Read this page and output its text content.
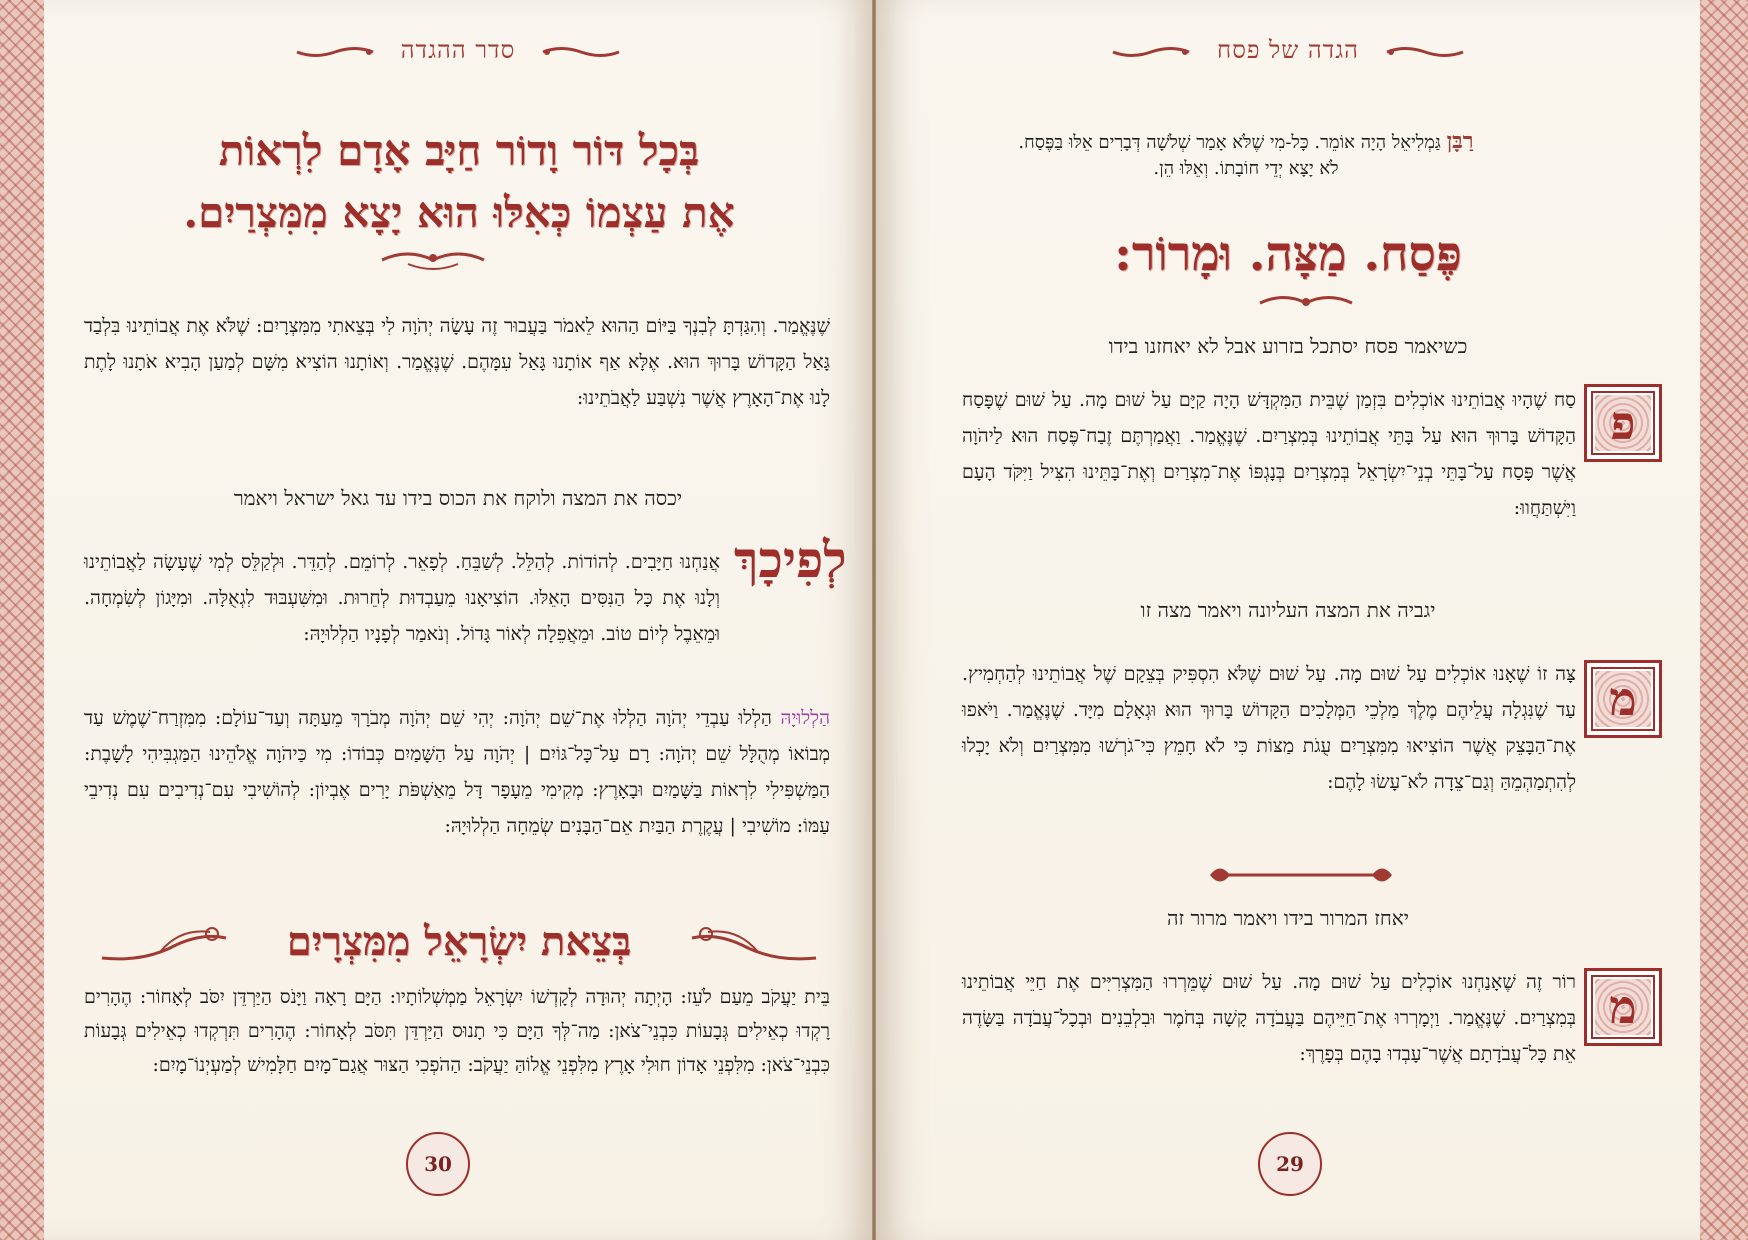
סדר ההגדה
בְּכָל דּוֹר וָדוֹר חַיָּב אָדָם לִרְאוֹת
אֶת עַצְמוֹ כְּאִלּוּ הוּא יָצָא מִמִּצְרַיִם.
שֶׁנֶּאֱמַר. וְהִגַּדְתָּ לְבִנְךָ בַּיּוֹם הַהוּא לֵאמֹר בַּעֲבוּר זֶה עָשָׂה יְהֹוָה לִי בְּצֵאתִי מִמִּצְרָיִם: שֶׁלֹּא אֶת אֲבוֹתֵינוּ בִּלְבַד גָּאַל הַקָּדוֹשׁ בָּרוּךְ הוּא. אֶלָּא אַף אוֹתָנוּ גָּאַל עִמָּהֶם. שֶׁנֶּאֱמַר. וְאוֹתָנוּ הוֹצִיא מִשָּׁם לְמַעַן הָבִיא אֹתָנוּ לָתֶת לָנוּ אֶת־הָאָרֶץ אֲשֶׁר נִשְׁבַּע לַאֲבֹתֵינוּ:
יכסה את המצה ולוקח את הכוס בידו עד גאל ישראל ויאמר
לְפִיכָךְ
אֲנַחְנוּ חַיָּבִים. לְהוֹדוֹת. לְהַלֵּל. לְשַׁבֵּחַ. לְפָאֵר. לְרוֹמֵם. לְהַדֵּר. וּלְקַלֵּס לְמִי שֶׁעָשָׂה לַאֲבוֹתֵינוּ וְלָנוּ אֶת כָּל הַנִּסִּים הָאֵלּוּ. הוֹצִיאָנוּ מֵעַבְדוּת לְחֵרוּת. וּמִשִּׁעְבּוּד לִגְאֻלָּה. וּמִיָּגוֹן לְשִׂמְחָה. וּמֵאֵבֶל לְיוֹם טוֹב. וּמֵאֲפֵלָה לְאוֹר גָּדוֹל. וְנֹאמַר לְפָנָיו הַלְלוּיָהּ:
הַלְלוּיָהּ הַלְלוּ עַבְדֵי יְהֹוָה הַלְלוּ אֶת־שֵׁם יְהֹוָה: יְהִי שֵׁם יְהֹוָה מְבֹרָךְ מֵעַתָּה וְעַד־עוֹלָם: מִמִּזְרַח־שֶׁמֶשׁ עַד מְבוֹאוֹ מְהֻלָּל שֵׁם יְהֹוָה: רָם עַל־כָּל־גּוֹיִם | יְהֹוָה עַל הַשָּׁמַיִם כְּבוֹדוֹ: מִי כַּיהֹוָה אֱלֹהֵינוּ הַמַּגְבִּיהִי לָשָׁבֶת: הַמַּשְׁפִּילִי לִרְאוֹת בַּשָּׁמַיִם וּבָאָרֶץ: מְקִימִי מֵעָפָר דָּל מֵאַשְׁפֹּת יָרִים אֶבְיוֹן: לְהוֹשִׁיבִי עִם־נְדִיבִים עִם נְדִיבֵי עַמּוֹ: מוֹשִׁיבִי | עֲקֶרֶת הַבַּיִת אֵם־הַבָּנִים שְׂמֵחָה הַלְלוּיָהּ:
בְּצֵאת יִשְׂרָאֵל מִמִּצְרָיִם
בֵּית יַעֲקֹב מֵעַם לֹעֵז: הָיְתָה יְהוּדָה לְקָדְשׁוֹ יִשְׂרָאֵל מַמְשְׁלוֹתָיו: הַיָּם רָאָה וַיָּנֹס הַיַּרְדֵּן יִסֹּב לְאָחוֹר: הֶהָרִים רָקְדוּ כְאֵילִים גְּבָעוֹת כִּבְנֵי־צֹאן: מַה־לְּךָ הַיָּם כִּי תָנוּס הַיַּרְדֵּן תִּסֹּב לְאָחוֹר: הֶהָרִים תִּרְקְדוּ כְאֵילִים גְּבָעוֹת כִּבְנֵי־צֹאן: מִלִּפְנֵי אָדוֹן חוּלִי אָרֶץ מִלִּפְנֵי אֱלוֹהַּ יַעֲקֹב: הַהֹפְכִי הַצּוּר אֲגַם־מָיִם חַלָּמִישׁ לְמַעְיְנוֹ־מָיִם:
30
הגדה של פסח
רַבָּן גַּמְלִיאֵל הָיָה אוֹמֵר. כָּל-מִי שֶׁלֹּא אָמַר שְׁלֹשָׁה דְּבָרִים אֵלּוּ בַּפֶּסַח. לֹא יָצָא יְדֵי חוֹבָתוֹ. וְאֵלּוּ הֵן.
פֶּסַח. מַצָּה. וּמָרוֹר:
כשיאמר פסח יסתכל בזרוע אבל לא יאחזנו בידו
פ
סַח שֶׁהָיוּ אֲבוֹתֵינוּ אוֹכְלִים בִּזְמַן שֶׁבֵּית הַמִּקְדָּשׁ הָיָה קַיָּם עַל שׁוּם מָה. עַל שׁוּם שֶׁפָּסַח הַקָּדוֹשׁ בָּרוּךְ הוּא עַל בָּתֵּי אֲבוֹתֵינוּ בְּמִצְרַיִם. שֶׁנֶּאֱמַר. וַאֲמַרְתֶּם זֶבַח־פֶּסַח הוּא לַיהֹוָה אֲשֶׁר פָּסַח עַל־בָּתֵּי בְנֵי־יִשְׂרָאֵל בְּמִצְרַיִם בְּנָגְפּוֹ אֶת־מִצְרַיִם וְאֶת־בָּתֵּינוּ הִצִּיל וַיִּקֹּד הָעָם וַיִּשְׁתַּחֲווּ:
יגביה את המצה העליונה ויאמר מצה זו
מ
צָּה זוֹ שֶׁאָנוּ אוֹכְלִים עַל שׁוּם מָה. עַל שׁוּם שֶׁלֹּא הִסְפִּיק בְּצֵקָם שֶׁל אֲבוֹתֵינוּ לְהַחְמִיץ. עַד שֶׁנִּגְלָה עֲלֵיהֶם מֶלֶךְ מַלְכֵי הַמְּלָכִים הַקָּדוֹשׁ בָּרוּךְ הוּא וּגְאָלָם מִיָּד. שֶׁנֶּאֱמַר. וַיֹּאפוּ אֶת־הַבָּצֵק אֲשֶׁר הוֹצִיאוּ מִמִּצְרַיִם עֻגֹת מַצּוֹת כִּי לֹא חָמֵץ כִּי־גֹרְשׁוּ מִמִּצְרַיִם וְלֹא יָכְלוּ לְהִתְמַהְמֵהַּ וְגַם־צֵדָה לֹא־עָשׂוּ לָהֶם:
יאחז המרור בידו ויאמר מרור זה
מ
רוֹר זֶה שֶׁאָנַחְנוּ אוֹכְלִים עַל שׁוּם מָה. עַל שׁוּם שֶׁמֵּרְרוּ הַמִּצְרִיִּים אֶת חַיֵּי אֲבוֹתֵינוּ בְּמִצְרַיִם. שֶׁנֶּאֱמַר. וַיְמָרְרוּ אֶת־חַיֵּיהֶם בַּעֲבֹדָה קָשָׁה בְּחֹמֶר וּבִלְבֵנִים וּבְכָל־עֲבֹדָה בַּשָּׂדֶה אֵת כָּל־עֲבֹדָתָם אֲשֶׁר־עָבְדוּ בָהֶם בְּפָרֶךְ:
29
